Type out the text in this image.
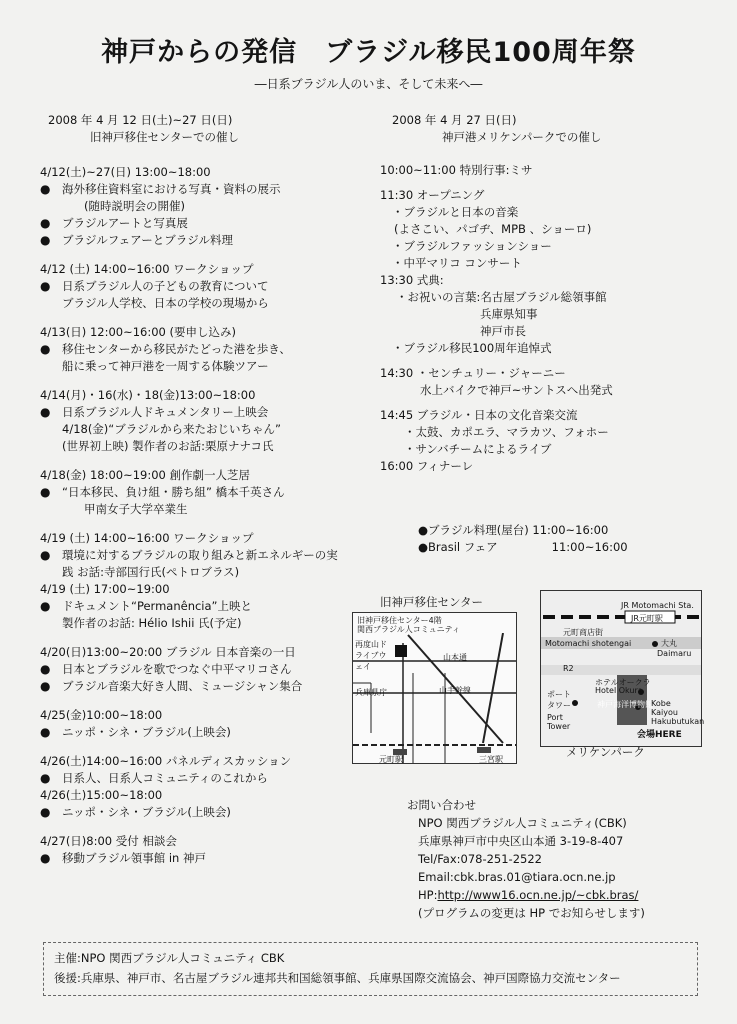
神戸からの発信　ブラジル移民100周年祭
―日系ブラジル人のいま、そして未来へ―
2008 年 4 月 12 日(土)~27 日(日)
旧神戸移住センターでの催し
4/12(土)~27(日) 13:00~18:00
● 海外移住資料室における写真・資料の展示
(随時説明会の開催)
● ブラジルアートと写真展
● ブラジルフェアーとブラジル料理
4/12 (土) 14:00~16:00 ワークショップ
● 日系ブラジル人の子どもの教育について
ブラジル人学校、日本の学校の現場から
4/13(日) 12:00~16:00 (要申し込み)
● 移住センターから移民がたどった港を歩き、
船に乗って神戸港を一周する体験ツアー
4/14(月)・16(水)・18(金)13:00~18:00
● 日系ブラジル人ドキュメンタリー上映会
4/18(金)“ブラジルから来たおじいちゃん”
(世界初上映) 製作者のお話:栗原ナナコ氏
4/18(金) 18:00~19:00 創作劇一人芝居
● “日本移民、負け組・勝ち組” 橋本千英さん
甲南女子大学卒業生
4/19 (土) 14:00~16:00 ワークショップ
● 環境に対するブラジルの取り組みと新エネルギーの実
践 お話:寺部国行氏(ペトロブラス)
4/19 (土) 17:00~19:00
● ドキュメント“Permanência”上映と
製作者のお話: Hélio Ishii 氏(予定)
4/20(日)13:00~20:00 ブラジル 日本音楽の一日
● 日本とブラジルを歌でつなぐ中平マリコさん
● ブラジル音楽大好き人間、ミュージシャン集合
4/25(金)10:00~18:00
● ニッポ・シネ・ブラジル(上映会)
4/26(土)14:00~16:00 パネルディスカッション
● 日系人、日系人コミュニティのこれから
4/26(土)15:00~18:00
● ニッポ・シネ・ブラジル(上映会)
4/27(日)8:00 受付 相談会
● 移動ブラジル領事館 in 神戸
2008 年 4 月 27 日(日)
神戸港メリケンパークでの催し
10:00~11:00 特別行事:ミサ
11:30 オープニング
・ブラジルと日本の音楽
(よさこい、パゴヂ、MPB 、ショーロ)
・ブラジルファッションショー
・中平マリコ コンサート
13:30 式典:
・お祝いの言葉:名古屋ブラジル総領事館
兵庫県知事
神戸市長
・ブラジル移民100周年追悼式
14:30 ・センチュリー・ジャーニー
水上バイクで神戸~サントスへ出発式
14:45 ブラジル・日本の文化音楽交流
・太鼓、カポエラ、マラカツ、フォホー
・サンバチームによるライブ
16:00 フィナーレ
●ブラジル料理(屋台) 11:00~16:00
●Brasil フェア	11:00~16:00
旧神戸移住センター
旧神戸移住センター4階
関西ブラジル人コミュニティ
再度山ドライブウェイ
山本通
山手幹線
兵庫県庁
元町駅	三宮駅
JR Motomachi Sta.
JR元町駅
元町商店街
Motomachi shotengai	大丸
Daimaru
R2
ホテルオークラ
Hotel Okura
ポート タワー
Port Tower
神戸海洋博物館
Kobe Kaiyou Hakubutukan
会場HERE
メリケンパーク
お問い合わせ
NPO 関西ブラジル人コミュニティ(CBK)
兵庫県神戸市中央区山本通 3-19-8-407
Tel/Fax:078-251-2522
Email:cbk.bras.01@tiara.ocn.ne.jp
HP:http://www16.ocn.ne.jp/~cbk.bras/
(プログラムの変更は HP でお知らせします)
主催:NPO 関西ブラジル人コミュニティ CBK
後援:兵庫県、神戸市、名古屋ブラジル連邦共和国総領事館、兵庫県国際交流協会、神戸国際協力交流センター
